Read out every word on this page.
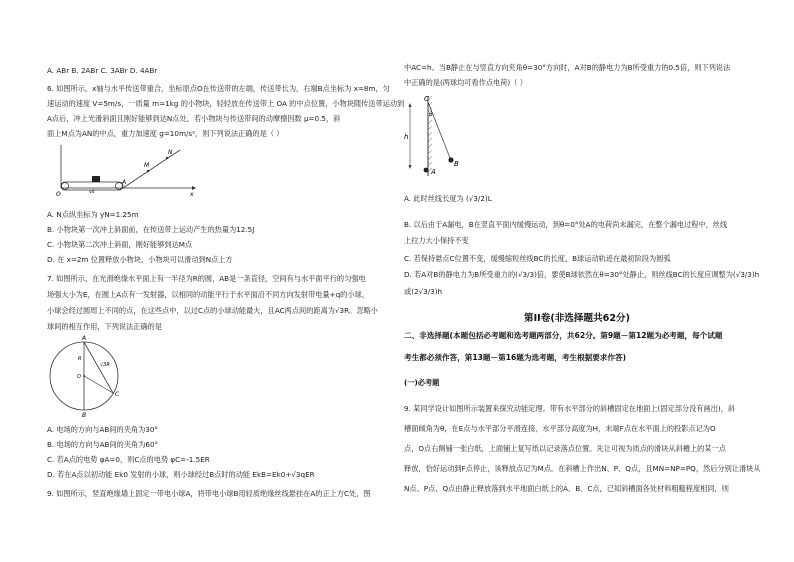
A. ABr B. 2ABr C. 3ABr D. 4ABr
6. 如图所示，x轴与水平传送带重合，坐标原点O在传送带的左端，传送带长为，右端B点坐标为 x=8m，匀
速运动的速度 V=5m/s，一质量 m=1kg 的小物块，轻轻放在传送带上 OA 的中点位置，小物块随传送带运动到
A点后，冲上光滑斜面且刚好能够到达N点处，若小物块与传送带间的动摩擦因数 μ=0.5，斜
面上M点为AN的中点，重力加速度 g=10m/s²，则下列说法正确的是（ ）
N
M
A
O	x
v0
A. N点纵坐标为 yN=1.25m
B. 小物块第一次冲上斜面前，在传送带上运动产生的热量为12.5J
C. 小物块第二次冲上斜面，刚好能够到达M点
D. 在 x=2m 位置释放小物块，小物块可以滑动到N点上方
7. 如图所示，在光滑绝缘水平面上有一半径为R的圆，AB是一条直径，空间有与水平面平行的匀强电
场强大小为E，在圆上A点有一发射器，以相同的动能平行于水平面沿不同方向发射带电量+q的小球，
小球会经过圆周上不同的点，在这些点中，以过C点的小球动能最大，且AC两点间的距离为√3R。忽略小
球间的相互作用，下列说法正确的是
A
B
C
O
R
√3R
A. 电场的方向与AB间的夹角为30°
B. 电场的方向与AB间的夹角为60°
C. 若A点的电势 φA=0，则C点的电势 φC=-1.5ER
D. 若在A点以初动能 Ek0 发射的小球，则小球经过B点时的动能 EkB=Ek0+√3qER
9. 如图所示，竖直绝缘墙上固定一带电小球A，将带电小球B用轻质绝缘丝线悬挂在A的正上方C处，图
中AC=h。当B静止在与竖直方向夹角θ=30°方向时，A对B的静电力为B所受重力的0.5倍，则下列说法
中正确的是(两球均可看作点电荷)（ ）
C
θ
h
B
A
A. 此时丝线长度为 (√3/2)L
B. 以后由于A漏电，B在竖直平面内缓慢运动，到θ=0°处A的电荷尚未漏完，在整个漏电过程中，丝线
上拉力大小保持不变
C. 若保持悬点C位置不变，缓慢缩短丝线BC的长度，B球运动轨迹在最初阶段为圆弧
D. 若A对B的静电力为B所受重力的(√3/3)倍，要使B球依然在θ=30°处静止，则丝线BC的长度应调整为(√3/3)h
或(2√3/3)h
第II卷(非选择题共62分)
二、非选择题(本题包括必考题和选考题两部分，共62分。第9题－第12题为必考题，每个试题
考生都必须作答，第13题－第16题为选考题，考生根据要求作答)
(一)必考题
9. 某同学设计如图所示装置来探究动能定理。带有水平部分的斜槽固定在地面上(固定部分没有画出)，斜
槽面倾角为θ，在E点与水平部分平滑连接，水平部分高度为H，末端F点在水平面上的投影点记为O
点，O点右侧铺一张白纸，上面铺上复写纸以记录落点位置。先让可视为质点的滑块从斜槽上的某一点
释放，恰好运动到F点停止，该释放点记为M点。在斜槽上作出N、P、Q点，且MN=NP=PQ，然后分别让滑块从
N点、P点、Q点由静止释放落到水平地面白纸上的A、B、C点，已知斜槽面各处材料粗糙程度相同，则
